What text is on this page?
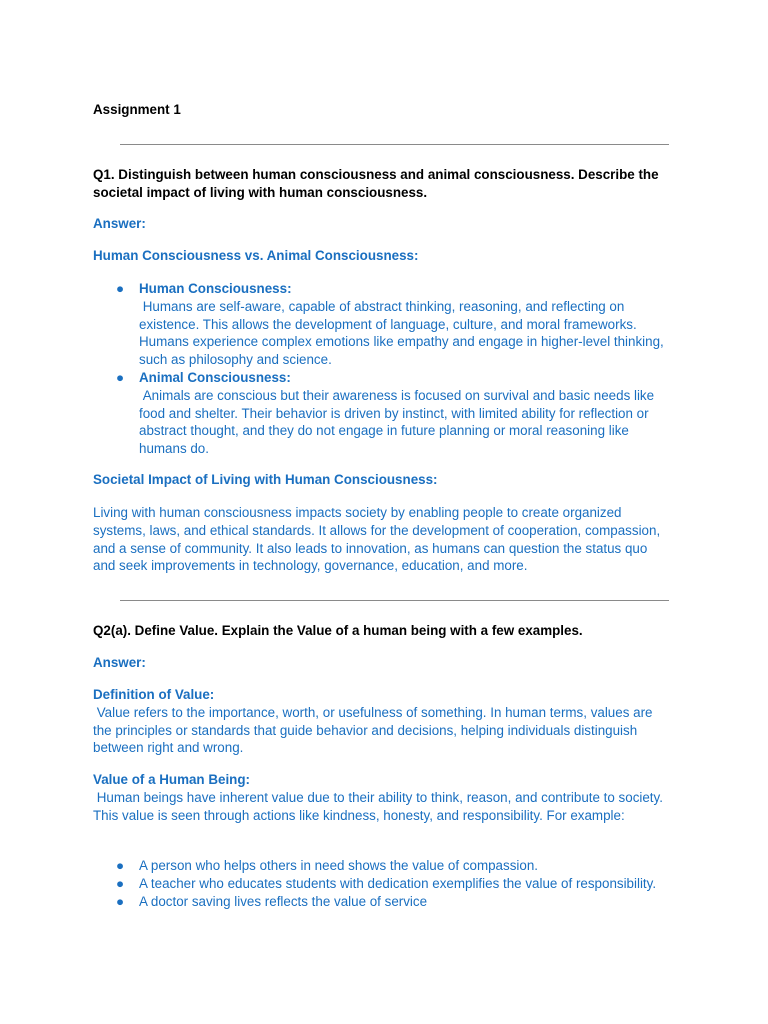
Assignment 1
Q1. Distinguish between human consciousness and animal consciousness. Describe the societal impact of living with human consciousness.
Answer:
Human Consciousness vs. Animal Consciousness:
● Human Consciousness:
Humans are self-aware, capable of abstract thinking, reasoning, and reflecting on existence. This allows the development of language, culture, and moral frameworks. Humans experience complex emotions like empathy and engage in higher-level thinking, such as philosophy and science.
● Animal Consciousness:
Animals are conscious but their awareness is focused on survival and basic needs like food and shelter. Their behavior is driven by instinct, with limited ability for reflection or abstract thought, and they do not engage in future planning or moral reasoning like humans do.
Societal Impact of Living with Human Consciousness:
Living with human consciousness impacts society by enabling people to create organized systems, laws, and ethical standards. It allows for the development of cooperation, compassion, and a sense of community. It also leads to innovation, as humans can question the status quo and seek improvements in technology, governance, education, and more.
Q2(a). Define Value. Explain the Value of a human being with a few examples.
Answer:
Definition of Value:
Value refers to the importance, worth, or usefulness of something. In human terms, values are the principles or standards that guide behavior and decisions, helping individuals distinguish between right and wrong.
Value of a Human Being:
Human beings have inherent value due to their ability to think, reason, and contribute to society. This value is seen through actions like kindness, honesty, and responsibility. For example:
● A person who helps others in need shows the value of compassion.
● A teacher who educates students with dedication exemplifies the value of responsibility.
● A doctor saving lives reflects the value of service
